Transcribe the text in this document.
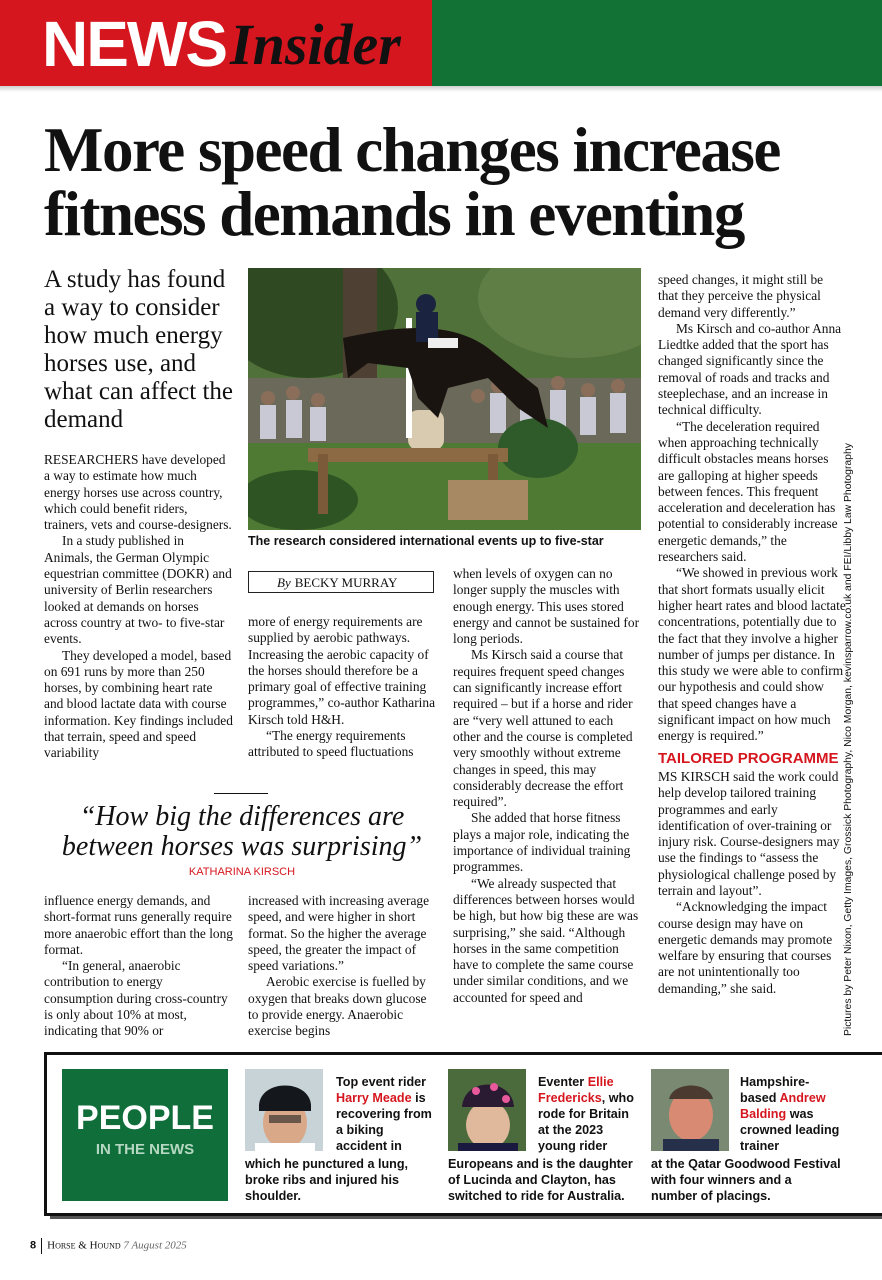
NEWS Insider
More speed changes increase fitness demands in eventing

A study has found a way to consider how much energy horses use, and what can affect the demand

The research considered international events up to five-star

RESEARCHERS have developed a way to estimate how much energy horses use across country, which could benefit riders, trainers, vets and course-designers.

In a study published in Animals, the German Olympic equestrian committee (DOKR) and university of Berlin researchers looked at demands on horses across country at two- to five-star events.

They developed a model, based on 691 runs by more than 250 horses, by combining heart rate and blood lactate data with course information. Key findings included that terrain, speed and speed variability

By BECKY MURRAY

more of energy requirements are supplied by aerobic pathways. Increasing the aerobic capacity of the horses should therefore be a primary goal of effective training programmes,” co-author Katharina Kirsch told H&H.

“The energy requirements attributed to speed fluctuations

when levels of oxygen can no longer supply the muscles with enough energy. This uses stored energy and cannot be sustained for long periods.

Ms Kirsch said a course that requires frequent speed changes can significantly increase effort required – but if a horse and rider are “very well attuned to each other and the course is completed very smoothly without extreme changes in speed, this may considerably decrease the effort required”.

She added that horse fitness plays a major role, indicating the importance of individual training programmes.

“We already suspected that differences between horses would be high, but how big these are was surprising,” she said. “Although horses in the same competition have to complete the same course under similar conditions, and we accounted for speed and

speed changes, it might still be that they perceive the physical demand very differently.”

Ms Kirsch and co-author Anna Liedtke added that the sport has changed significantly since the removal of roads and tracks and steeplechase, and an increase in technical difficulty.

“The deceleration required when approaching technically difficult obstacles means horses are galloping at higher speeds between fences. This frequent acceleration and deceleration has potential to considerably increase energetic demands,” the researchers said.

“We showed in previous work that short formats usually elicit higher heart rates and blood lactate concentrations, potentially due to the fact that they involve a higher number of jumps per distance. In this study we were able to confirm our hypothesis and could show that speed changes have a significant impact on how much energy is required.”

TAILORED PROGRAMME

MS KIRSCH said the work could help develop tailored training programmes and early identification of over-training or injury risk. Course-designers may use the findings to “assess the physiological challenge posed by terrain and layout”.

“Acknowledging the impact course design may have on energetic demands may promote welfare by ensuring that courses are not unintentionally too demanding,” she said.

“How big the differences are between horses was surprising”

KATHARINA KIRSCH

influence energy demands, and short-format runs generally require more anaerobic effort than the long format.

“In general, anaerobic contribution to energy consumption during cross-country is only about 10% at most, indicating that 90% or

increased with increasing average speed, and were higher in short format. So the higher the average speed, the greater the impact of speed variations.”

Aerobic exercise is fuelled by oxygen that breaks down glucose to provide energy. Anaerobic exercise begins	Pictures by Peter Nixon, Getty Images, Grossick Photography, Nico Morgan, kevinsparrow.co.uk and FEI/Libby Law Photography
PEOPLE
IN THE NEWS
Top event rider Harry Meade is recovering from a biking accident in
which he punctured a lung, broke ribs and injured his shoulder.
Eventer Ellie Fredericks, who rode for Britain at the 2023 young rider
Europeans and is the daughter of Lucinda and Clayton, has switched to ride for Australia.
Hampshire-based Andrew Balding was crowned leading trainer
at the Qatar Goodwood Festival with four winners and a number of placings.
8 Horse & Hound 7 August 2025
